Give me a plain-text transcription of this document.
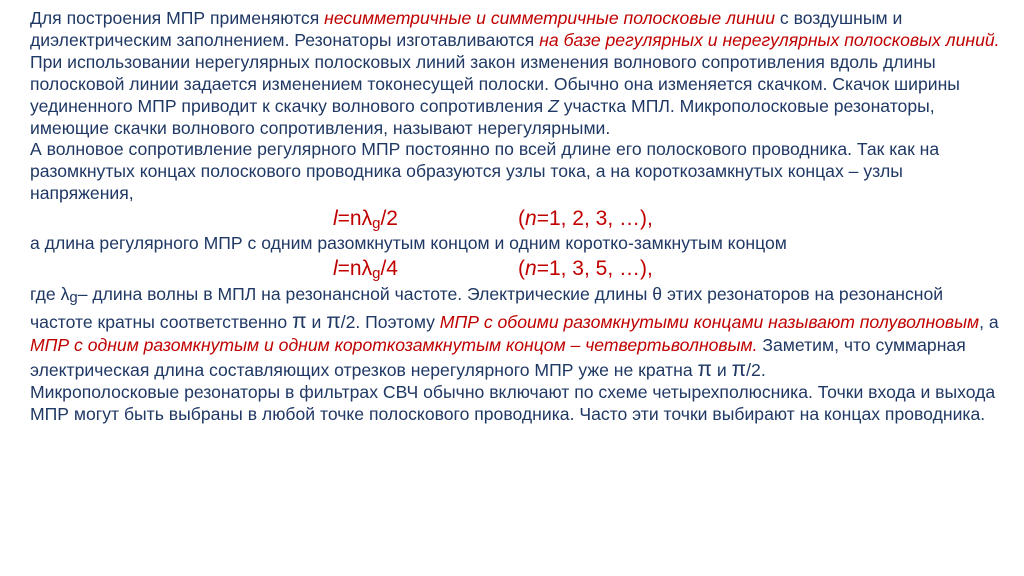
Для построения МПР применяются несимметричные и симметричные полосковые линии с воздушным и диэлектрическим заполнением. Резонаторы изготавливаются на базе регулярных и нерегулярных полосковых линий. При использовании нерегулярных полосковых линий закон изменения волнового сопротивления вдоль длины полосковой линии задается изменением токонесущей полоски. Обычно она изменяется скачком. Скачок ширины уединенного МПР приводит к скачку волнового сопротивления Z участка МПЛ. Микрополосковые резонаторы, имеющие скачки волнового сопротивления, называют нерегулярными.

А волновое сопротивление регулярного МПР постоянно по всей длине его полоскового проводника. Так как на разомкнутых концах полоскового проводника образуются узлы тока, а на короткозамкнутых концах – узлы напряжения,

$l=n\lambda_g/2$	(n=1, 2, 3, …),

а длина регулярного МПР с одним разомкнутым концом и одним коротко-замкнутым концом

$l=n\lambda_g/4$	(n=1, 3, 5, …),

где λg– длина волны в МПЛ на резонансной частоте. Электрические длины θ этих резонаторов на резонансной частоте кратны соответственно π и π/2. Поэтому МПР с обоими разомкнутыми концами называют полуволновым, а МПР с одним разомкнутым и одним короткозамкнутым концом – четвертьволновым. Заметим, что суммарная электрическая длина составляющих отрезков нерегулярного МПР уже не кратна π и π/2.

Микрополосковые резонаторы в фильтрах СВЧ обычно включают по схеме четырехполюсника. Точки входа и выхода МПР могут быть выбраны в любой точке полоскового проводника. Часто эти точки выбирают на концах проводника.
